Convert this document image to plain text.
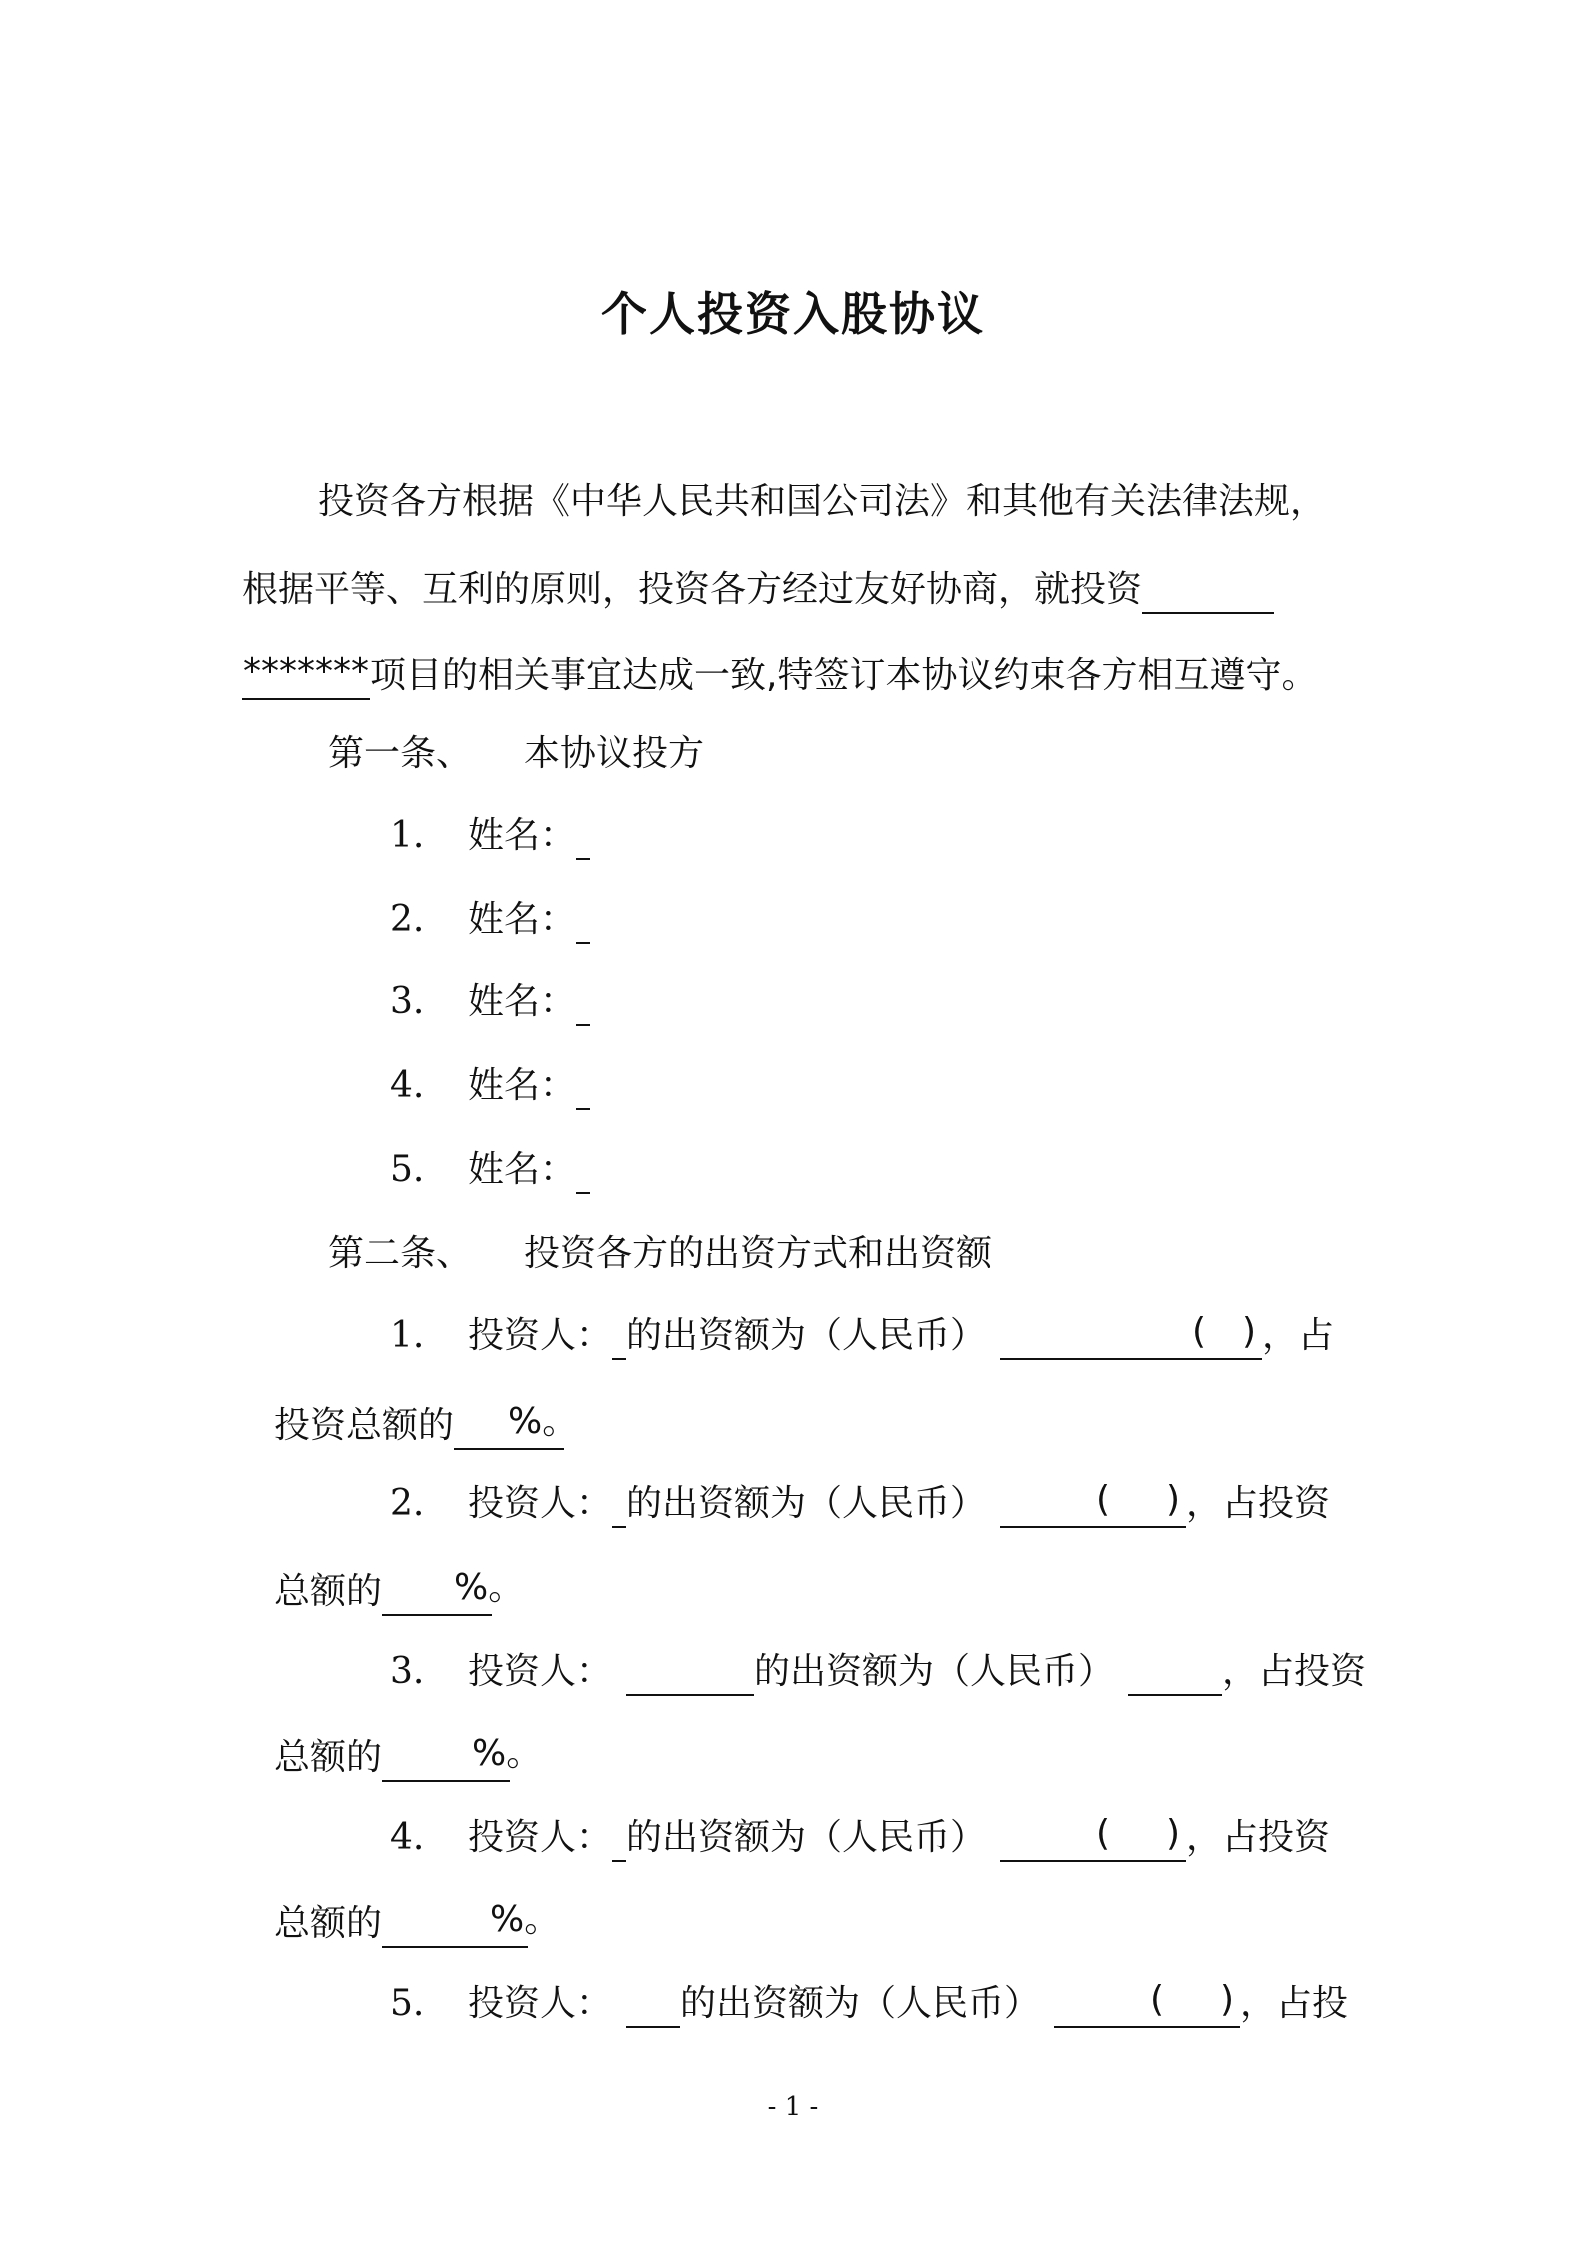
个人投资入股协议
投资各方根据《中华人民共和国公司法》和其他有关法律法规，
根据平等、互利的原则，投资各方经过友好协商，就投资
******* 项目的相关事宜达成一致,特签订本协议约束各方相互遵守。
第一条、 本协议投方
1. 姓名：
2. 姓名：
3. 姓名：
4. 姓名：
5. 姓名：
第二条、 投资各方的出资方式和出资额
1. 投资人： 的出资额为（人民币）	( ) ，占
投资总额的 %。
2. 投资人： 的出资额为（人民币）	( ) ，占投资
总额的 %。
3. 投资人：	的出资额为（人民币）	，占投资
总额的	%。
4. 投资人： 的出资额为（人民币）	( ) ，占投资
总额的	%。
5. 投资人： 的出资额为（人民币）	( ) ，占投
- 1 -
